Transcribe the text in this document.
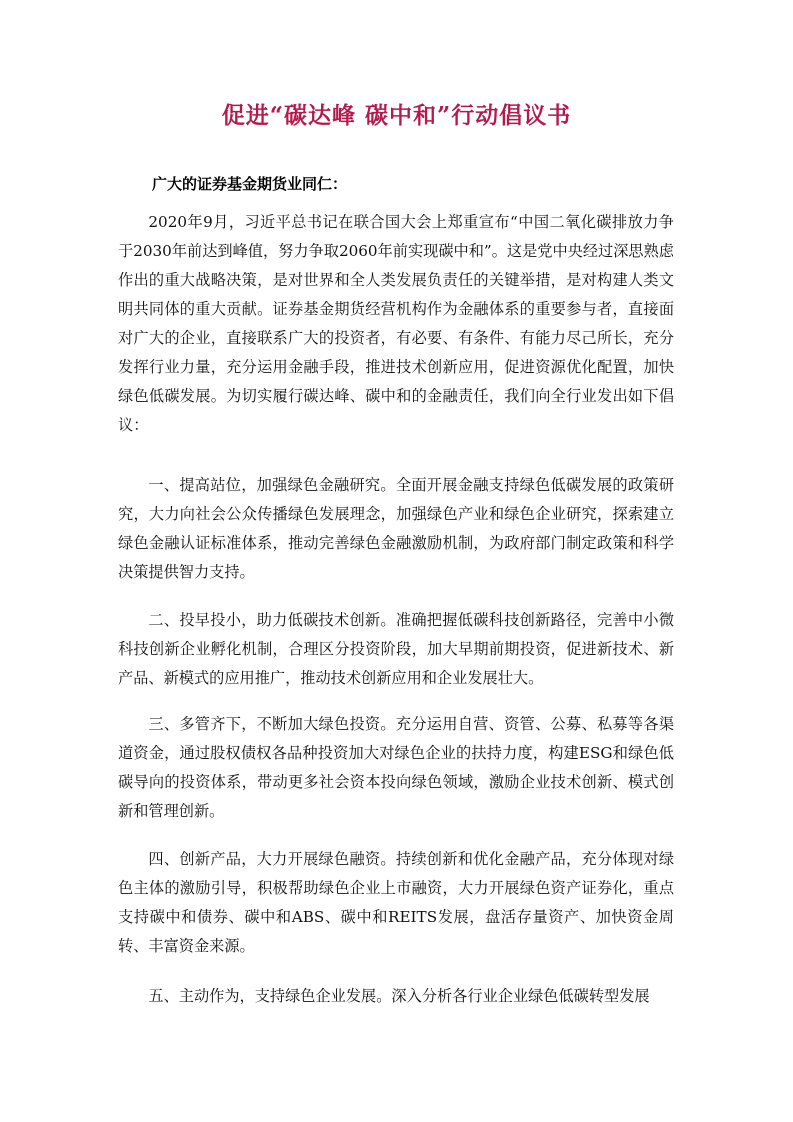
促进“碳达峰 碳中和”行动倡议书

广大的证券基金期货业同仁：

2020年9月，习近平总书记在联合国大会上郑重宣布“中国二氧化碳排放力争于2030年前达到峰值，努力争取2060年前实现碳中和”。这是党中央经过深思熟虑作出的重大战略决策，是对世界和全人类发展负责任的关键举措，是对构建人类文明共同体的重大贡献。证券基金期货经营机构作为金融体系的重要参与者，直接面对广大的企业，直接联系广大的投资者，有必要、有条件、有能力尽己所长，充分发挥行业力量，充分运用金融手段，推进技术创新应用，促进资源优化配置，加快绿色低碳发展。为切实履行碳达峰、碳中和的金融责任，我们向全行业发出如下倡议：

一、提高站位，加强绿色金融研究。全面开展金融支持绿色低碳发展的政策研究，大力向社会公众传播绿色发展理念，加强绿色产业和绿色企业研究，探索建立绿色金融认证标准体系，推动完善绿色金融激励机制，为政府部门制定政策和科学决策提供智力支持。

二、投早投小，助力低碳技术创新。准确把握低碳科技创新路径，完善中小微科技创新企业孵化机制，合理区分投资阶段，加大早期前期投资，促进新技术、新产品、新模式的应用推广，推动技术创新应用和企业发展壮大。

三、多管齐下，不断加大绿色投资。充分运用自营、资管、公募、私募等各渠道资金，通过股权债权各品种投资加大对绿色企业的扶持力度，构建ESG和绿色低碳导向的投资体系，带动更多社会资本投向绿色领域，激励企业技术创新、模式创新和管理创新。

四、创新产品，大力开展绿色融资。持续创新和优化金融产品，充分体现对绿色主体的激励引导，积极帮助绿色企业上市融资，大力开展绿色资产证券化，重点支持碳中和债券、碳中和ABS、碳中和REITS发展，盘活存量资产、加快资金周转、丰富资金来源。

五、主动作为，支持绿色企业发展。深入分析各行业企业绿色低碳转型发展
